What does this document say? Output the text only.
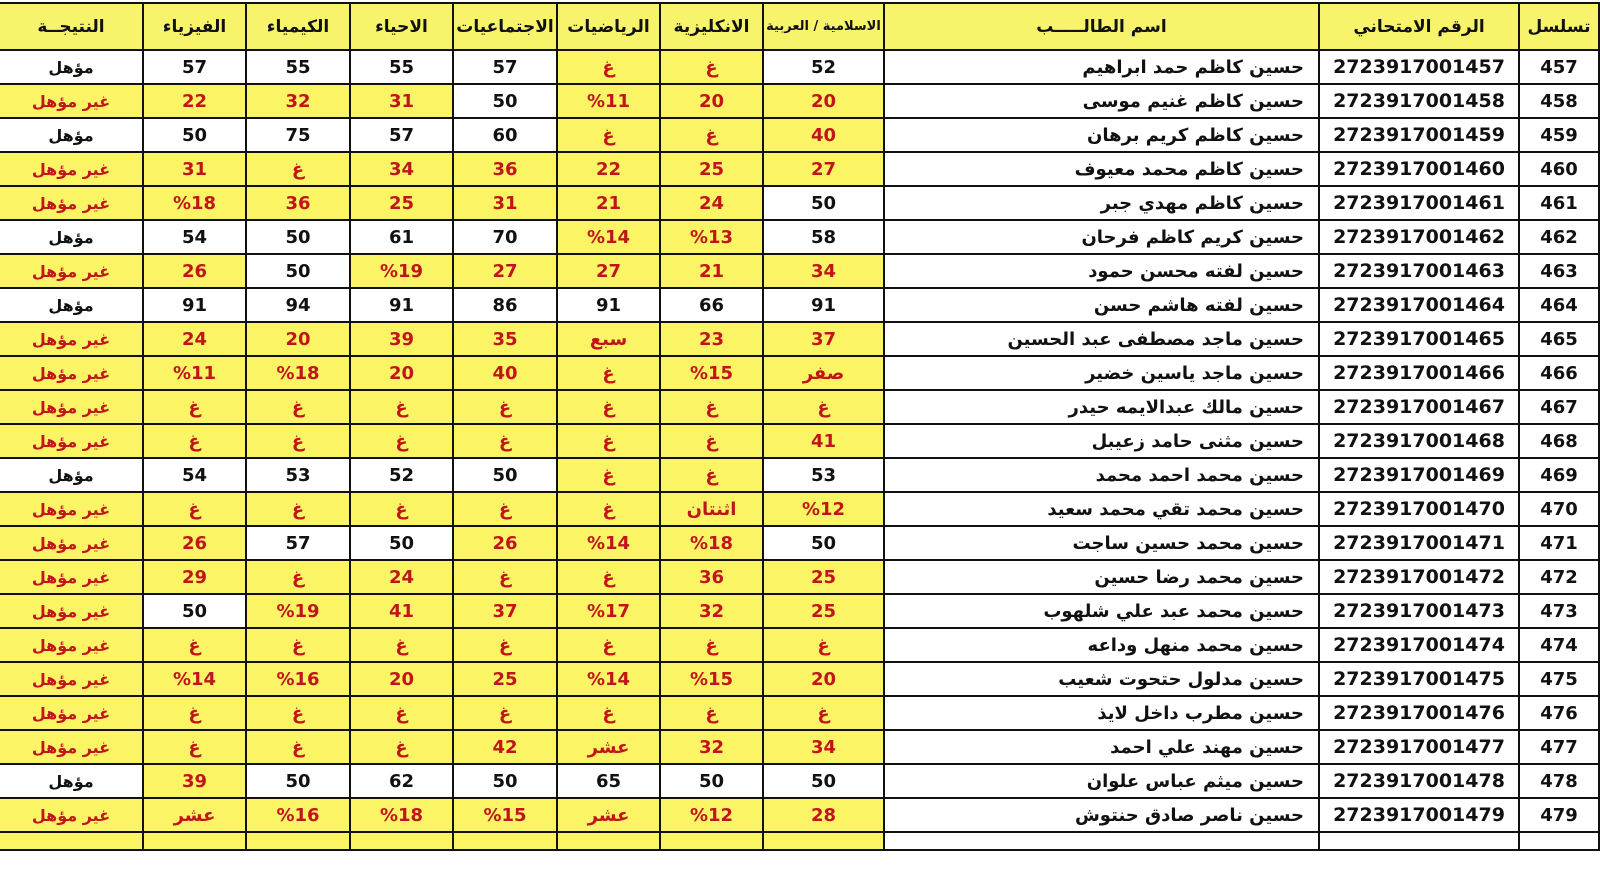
تسلسل	الرقم الامتحاني	اسم الطالـــــب	الاسلامية / العربية	الانكليزية	الرياضيات	الاجتماعيات	الاحياء	الكيمياء	الفيزياء	النتيجــة
457	2723917001457	حسين كاظم حمد ابراهيم	52	غ	غ	57	55	55	57	مؤهل
458	2723917001458	حسين كاظم غنيم موسى	20	20	%11	50	31	32	22	غير مؤهل
459	2723917001459	حسين كاظم كريم برهان	40	غ	غ	60	57	75	50	مؤهل
460	2723917001460	حسين كاظم محمد معيوف	27	25	22	36	34	غ	31	غير مؤهل
461	2723917001461	حسين كاظم مهدي جبر	50	24	21	31	25	36	%18	غير مؤهل
462	2723917001462	حسين كريم كاظم فرحان	58	%13	%14	70	61	50	54	مؤهل
463	2723917001463	حسين لفته محسن حمود	34	21	27	27	%19	50	26	غير مؤهل
464	2723917001464	حسين لفته هاشم حسن	91	66	91	86	91	94	91	مؤهل
465	2723917001465	حسين ماجد مصطفى عبد الحسين	37	23	سبع	35	39	20	24	غير مؤهل
466	2723917001466	حسين ماجد ياسين خضير	صفر	%15	غ	40	20	%18	%11	غير مؤهل
467	2723917001467	حسين مالك عبدالايمه حيدر	غ	غ	غ	غ	غ	غ	غ	غير مؤهل
468	2723917001468	حسين مثنى حامد زعيبل	41	غ	غ	غ	غ	غ	غ	غير مؤهل
469	2723917001469	حسين محمد احمد محمد	53	غ	غ	50	52	53	54	مؤهل
470	2723917001470	حسين محمد تقي محمد سعيد	%12	اثنتان	غ	غ	غ	غ	غ	غير مؤهل
471	2723917001471	حسين محمد حسين ساجت	50	%18	%14	26	50	57	26	غير مؤهل
472	2723917001472	حسين محمد رضا حسين	25	36	غ	غ	24	غ	29	غير مؤهل
473	2723917001473	حسين محمد عبد علي شلهوب	25	32	%17	37	41	%19	50	غير مؤهل
474	2723917001474	حسين محمد منهل وداعه	غ	غ	غ	غ	غ	غ	غ	غير مؤهل
475	2723917001475	حسين مدلول حتحوت شعيب	20	%15	%14	25	20	%16	%14	غير مؤهل
476	2723917001476	حسين مطرب داخل لايذ	غ	غ	غ	غ	غ	غ	غ	غير مؤهل
477	2723917001477	حسين مهند علي احمد	34	32	عشر	42	غ	غ	غ	غير مؤهل
478	2723917001478	حسين ميثم عباس علوان	50	50	65	50	62	50	39	مؤهل
479	2723917001479	حسين ناصر صادق حنتوش	28	%12	عشر	%15	%18	%16	عشر	غير مؤهل
